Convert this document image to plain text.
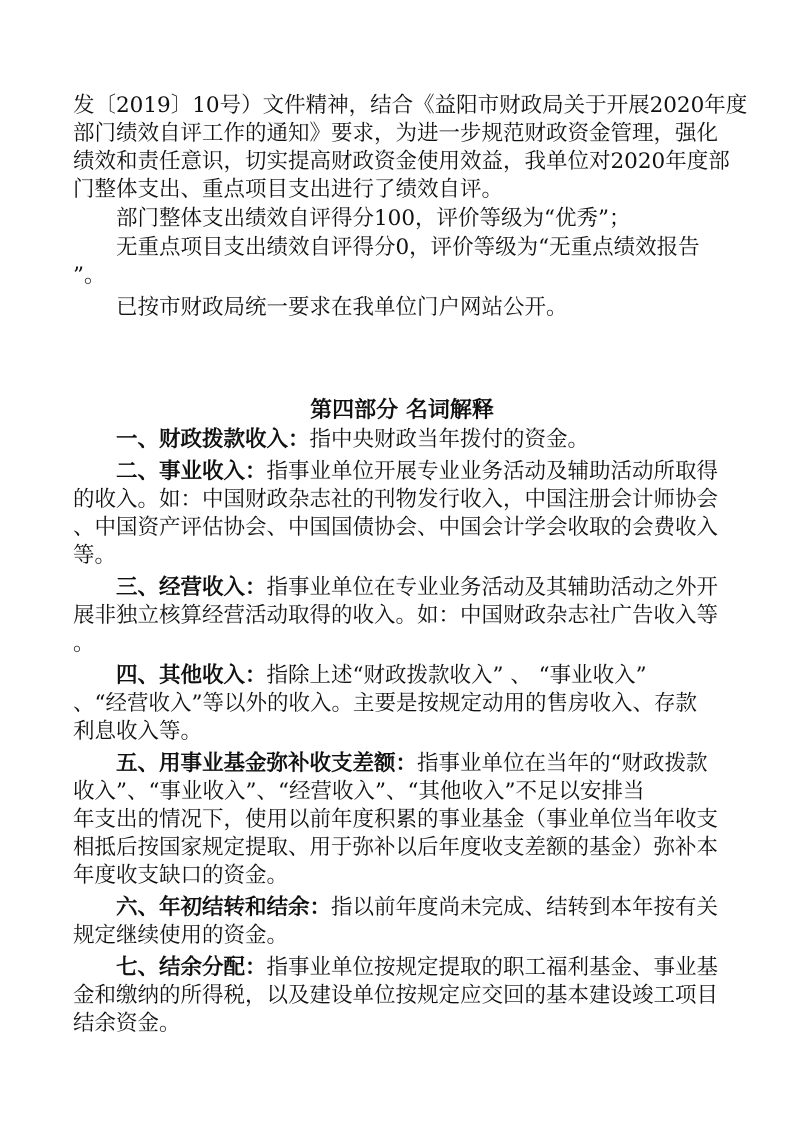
发〔2019〕10号）文件精神，结合《益阳市财政局关于开展2020年度
部门绩效自评工作的通知》要求，为进一步规范财政资金管理，强化
绩效和责任意识，切实提高财政资金使用效益，我单位对2020年度部
门整体支出、重点项目支出进行了绩效自评。
部门整体支出绩效自评得分100，评价等级为“优秀”；
无重点项目支出绩效自评得分0，评价等级为“无重点绩效报告
”。
已按市财政局统一要求在我单位门户网站公开。
第四部分 名词解释
一、财政拨款收入：指中央财政当年拨付的资金。
二、事业收入：指事业单位开展专业业务活动及辅助活动所取得
的收入。如：中国财政杂志社的刊物发行收入，中国注册会计师协会
、中国资产评估协会、中国国债协会、中国会计学会收取的会费收入
等。
三、经营收入：指事业单位在专业业务活动及其辅助活动之外开
展非独立核算经营活动取得的收入。如：中国财政杂志社广告收入等
。
四、其他收入：指除上述“财政拨款收入” 、 “事业收入”
、“经营收入”等以外的收入。主要是按规定动用的售房收入、存款
利息收入等。
五、用事业基金弥补收支差额：指事业单位在当年的“财政拨款
收入”、“事业收入”、“经营收入”、“其他收入”不足以安排当
年支出的情况下，使用以前年度积累的事业基金（事业单位当年收支
相抵后按国家规定提取、用于弥补以后年度收支差额的基金）弥补本
年度收支缺口的资金。
六、年初结转和结余：指以前年度尚未完成、结转到本年按有关
规定继续使用的资金。
七、结余分配：指事业单位按规定提取的职工福利基金、事业基
金和缴纳的所得税，以及建设单位按规定应交回的基本建设竣工项目
结余资金。
